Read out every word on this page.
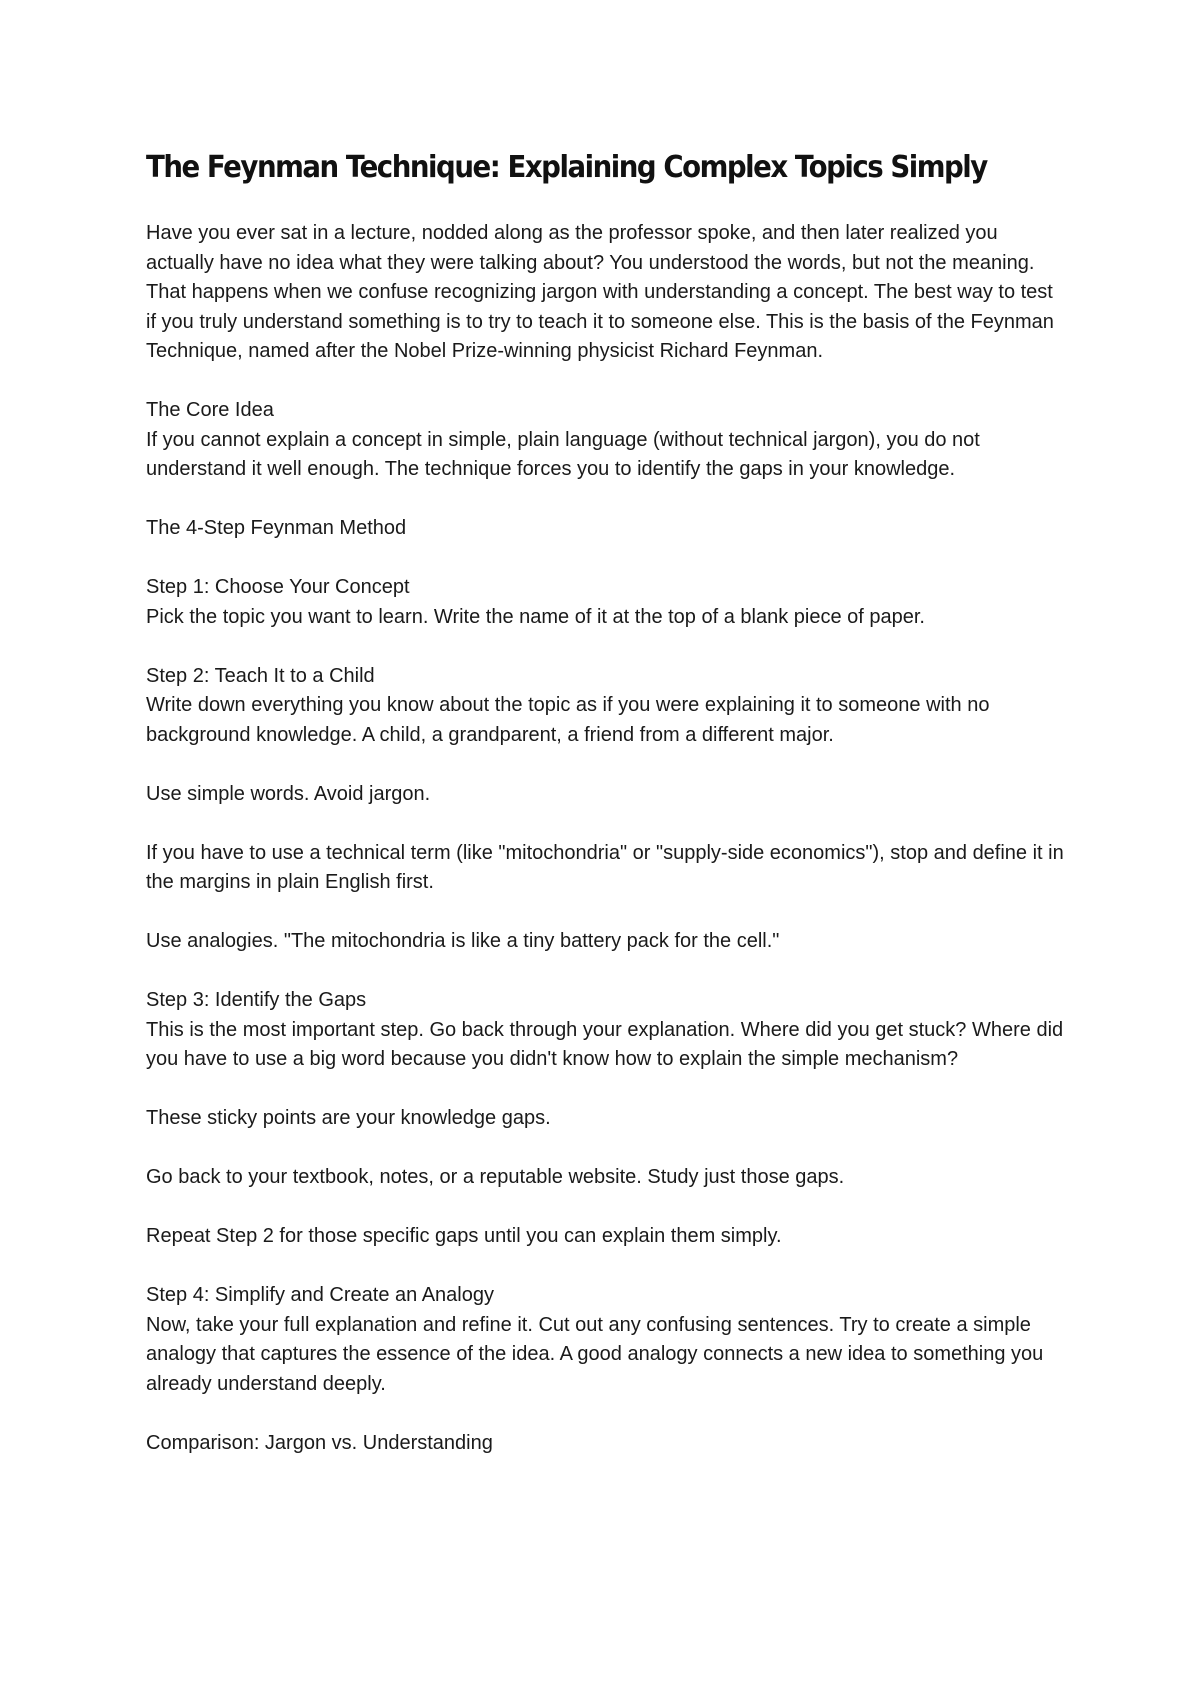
The Feynman Technique: Explaining Complex Topics Simply

Have you ever sat in a lecture, nodded along as the professor spoke, and then later realized you actually have no idea what they were talking about? You understood the words, but not the meaning. That happens when we confuse recognizing jargon with understanding a concept. The best way to test if you truly understand something is to try to teach it to someone else. This is the basis of the Feynman Technique, named after the Nobel Prize-winning physicist Richard Feynman.

The Core Idea
If you cannot explain a concept in simple, plain language (without technical jargon), you do not understand it well enough. The technique forces you to identify the gaps in your knowledge.

The 4-Step Feynman Method

Step 1: Choose Your Concept
Pick the topic you want to learn. Write the name of it at the top of a blank piece of paper.
Step 2: Teach It to a Child
Write down everything you know about the topic as if you were explaining it to someone with no background knowledge. A child, a grandparent, a friend from a different major.

Use simple words. Avoid jargon.

If you have to use a technical term (like "mitochondria" or "supply-side economics"), stop and define it in the margins in plain English first.

Use analogies. "The mitochondria is like a tiny battery pack for the cell."

Step 3: Identify the Gaps
This is the most important step. Go back through your explanation. Where did you get stuck? Where did you have to use a big word because you didn't know how to explain the simple mechanism?

These sticky points are your knowledge gaps.

Go back to your textbook, notes, or a reputable website. Study just those gaps.

Repeat Step 2 for those specific gaps until you can explain them simply.

Step 4: Simplify and Create an Analogy
Now, take your full explanation and refine it. Cut out any confusing sentences. Try to create a simple analogy that captures the essence of the idea. A good analogy connects a new idea to something you already understand deeply.

Comparison: Jargon vs. Understanding
